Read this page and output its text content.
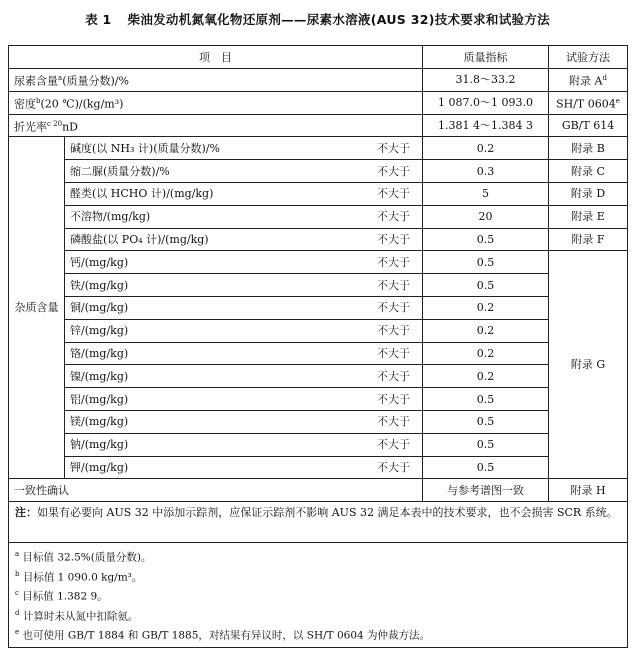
表 1 柴油发动机氮氧化物还原剂——尿素水溶液(AUS 32)技术要求和试验方法
项　目			质量指标	试验方法
尿素含量$^a$(质量分数)/%			31.8～33.2	附录 $A^d$
密度$^b$(20 ℃)/(kg/m³)			1 087.0～1 093.0	SH/T 0604e
折光率$^{c 20}$nD			1.381 4～1.384 3	GB/T 614
杂质含量	碱度(以 NH₃ 计)(质量分数)/%	不大于	0.2	附录 B
	缩二脲(质量分数)/%	不大于	0.3	附录 C
	醛类(以 HCHO 计)/(mg/kg)	不大于	5	附录 D
	不溶物/(mg/kg)	不大于	20	附录 E
	磷酸盐(以 PO₄ 计)/(mg/kg)	不大于	0.5	附录 F
	钙/(mg/kg)	不大于	0.5	附录 G
	铁/(mg/kg)	不大于	0.5	
	铜/(mg/kg)	不大于	0.2	
	锌/(mg/kg)	不大于	0.2	
	铬/(mg/kg)	不大于	0.2	
	镍/(mg/kg)	不大于	0.2	
	铝/(mg/kg)	不大于	0.5	
	镁/(mg/kg)	不大于	0.5	
	钠/(mg/kg)	不大于	0.5	
	钾/(mg/kg)	不大于	0.5	
一致性确认			与参考谱图一致	附录 H
注：如果有必要向 AUS 32 中添加示踪剂，应保证示踪剂不影响 AUS 32 满足本表中的技术要求，也不会损害 SCR 系统。				

$^a$ 目标值 32.5%(质量分数)。
$^b$ 目标值 1 090.0 kg/m³。
$^c$ 目标值 1.382 9。
$^d$ 计算时未从氮中扣除氨。
$^e$ 也可使用 GB/T 1884 和 GB/T 1885，对结果有异议时，以 SH/T 0604 为仲裁方法。				
